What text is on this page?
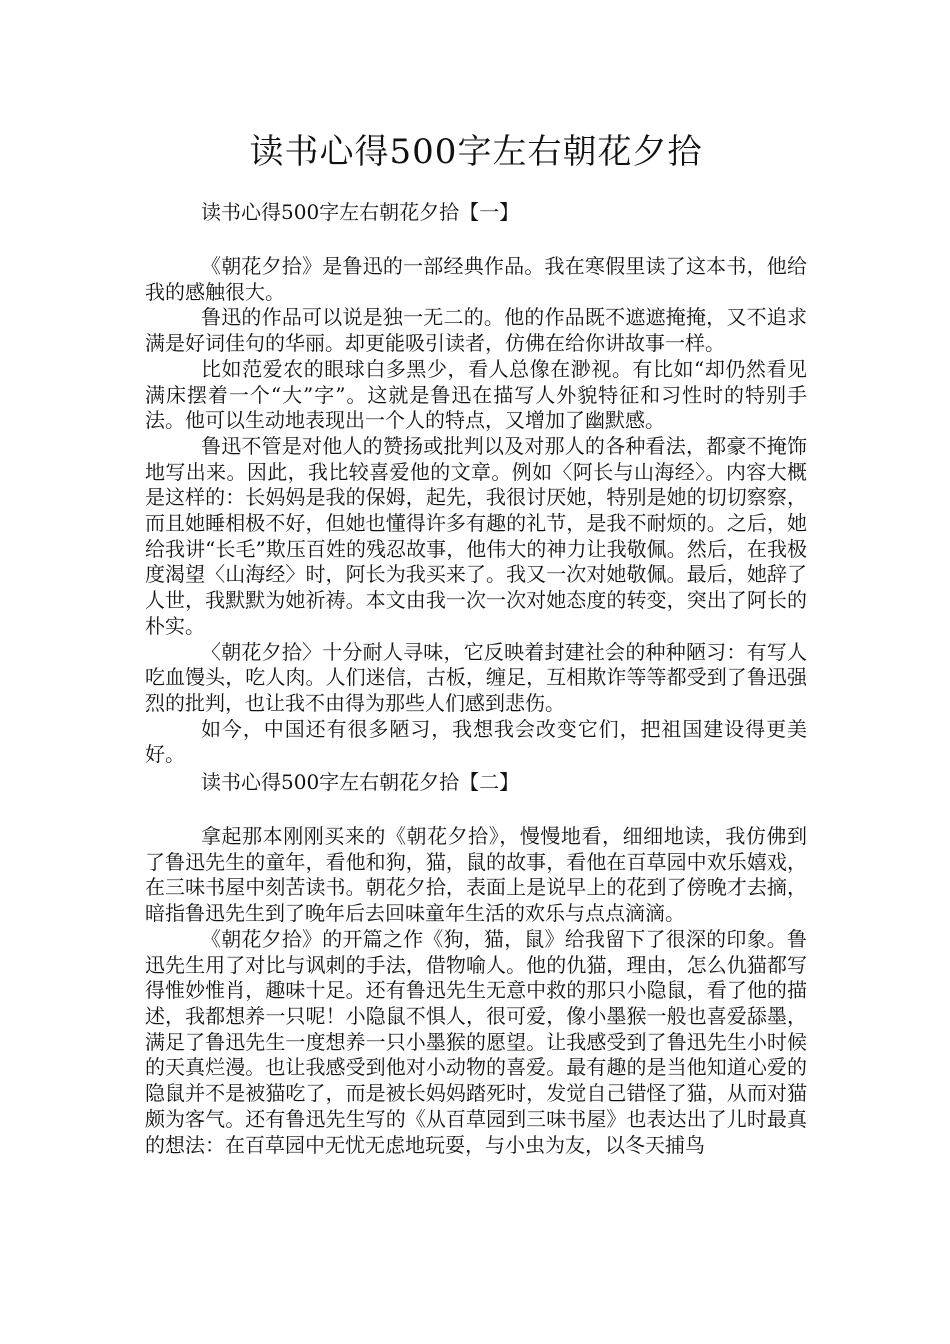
读书心得500字左右朝花夕拾
读书心得500字左右朝花夕拾【一】

《朝花夕拾》是鲁迅的一部经典作品。我在寒假里读了这本书，他给我的感触很大。

鲁迅的作品可以说是独一无二的。他的作品既不遮遮掩掩，又不追求满是好词佳句的华丽。却更能吸引读者，仿佛在给你讲故事一样。

比如范爱农的眼球白多黑少，看人总像在渺视。有比如“却仍然看见满床摆着一个“大”字”。这就是鲁迅在描写人外貌特征和习性时的特别手法。他可以生动地表现出一个人的特点，又增加了幽默感。

鲁迅不管是对他人的赞扬或批判以及对那人的各种看法，都豪不掩饰地写出来。因此，我比较喜爱他的文章。例如〈阿长与山海经〉。内容大概是这样的：长妈妈是我的保姆，起先，我很讨厌她，特别是她的切切察察，而且她睡相极不好，但她也懂得许多有趣的礼节，是我不耐烦的。之后，她给我讲“长毛”欺压百姓的残忍故事，他伟大的神力让我敬佩。然后，在我极度渴望〈山海经〉时，阿长为我买来了。我又一次对她敬佩。最后，她辞了人世，我默默为她祈祷。本文由我一次一次对她态度的转变，突出了阿长的朴实。

〈朝花夕拾〉十分耐人寻味，它反映着封建社会的种种陋习：有写人吃血馒头，吃人肉。人们迷信，古板，缠足，互相欺诈等等都受到了鲁迅强烈的批判，也让我不由得为那些人们感到悲伤。

如今，中国还有很多陋习，我想我会改变它们，把祖国建设得更美好。

读书心得500字左右朝花夕拾【二】

拿起那本刚刚买来的《朝花夕拾》，慢慢地看，细细地读，我仿佛到了鲁迅先生的童年，看他和狗，猫，鼠的故事，看他在百草园中欢乐嬉戏，在三味书屋中刻苦读书。朝花夕拾，表面上是说早上的花到了傍晚才去摘，暗指鲁迅先生到了晚年后去回味童年生活的欢乐与点点滴滴。

《朝花夕拾》的开篇之作《狗，猫，鼠》给我留下了很深的印象。鲁迅先生用了对比与讽刺的手法，借物喻人。他的仇猫，理由，怎么仇猫都写得惟妙惟肖，趣味十足。还有鲁迅先生无意中救的那只小隐鼠，看了他的描述，我都想养一只呢！小隐鼠不惧人，很可爱，像小墨猴一般也喜爱舔墨，满足了鲁迅先生一度想养一只小墨猴的愿望。让我感受到了鲁迅先生小时候的天真烂漫。也让我感受到他对小动物的喜爱。最有趣的是当他知道心爱的隐鼠并不是被猫吃了，而是被长妈妈踏死时，发觉自己错怪了猫，从而对猫颇为客气。还有鲁迅先生写的《从百草园到三味书屋》也表达出了儿时最真的想法：在百草园中无忧无虑地玩耍，与小虫为友，以冬天捕鸟
